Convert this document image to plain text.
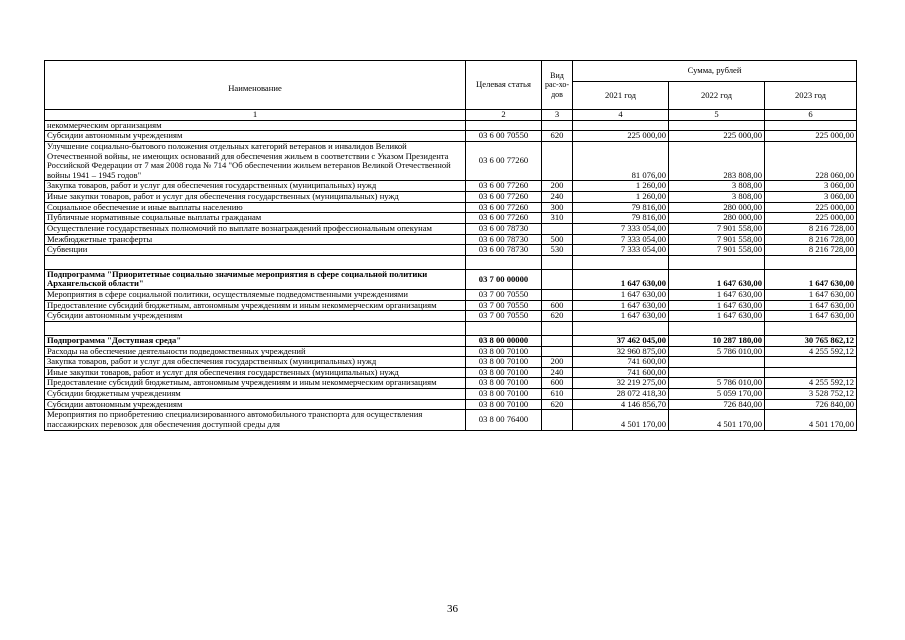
Наименование	Целевая статья	Вид рас-хо-дов	Сумма, рублей		
			2021 год	2022 год	2023 год
1	2	3	4	5	6
некоммерческим организациям					
Субсидии автономным учреждениям	03 6 00 70550	620	225 000,00	225 000,00	225 000,00
Улучшение социально-бытового положения отдельных категорий ветеранов и инвалидов Великой Отечественной войны, не имеющих оснований для обеспечения жильем в соответствии с Указом Президента Российской Федерации от 7 мая 2008 года № 714 "Об обеспечении жильем ветеранов Великой Отечественной войны 1941 – 1945 годов"	03 6 00 77260		81 076,00	283 808,00	228 060,00
Закупка товаров, работ и услуг для обеспечения государственных (муниципальных) нужд	03 6 00 77260	200	1 260,00	3 808,00	3 060,00
Иные закупки товаров, работ и услуг для обеспечения государственных (муниципальных) нужд	03 6 00 77260	240	1 260,00	3 808,00	3 060,00
Социальное обеспечение и иные выплаты населению	03 6 00 77260	300	79 816,00	280 000,00	225 000,00
Публичные нормативные социальные выплаты гражданам	03 6 00 77260	310	79 816,00	280 000,00	225 000,00
Осуществление государственных полномочий по выплате вознаграждений профессиональным опекунам	03 6 00 78730		7 333 054,00	7 901 558,00	8 216 728,00
Межбюджетные трансферты	03 6 00 78730	500	7 333 054,00	7 901 558,00	8 216 728,00
Субвенции	03 6 00 78730	530	7 333 054,00	7 901 558,00	8 216 728,00

Подпрограмма "Приоритетные социально значимые мероприятия в сфере социальной политики Архангельской области"	03 7 00 00000		1 647 630,00	1 647 630,00	1 647 630,00
Мероприятия в сфере социальной политики, осуществляемые подведомственными учреждениями	03 7 00 70550		1 647 630,00	1 647 630,00	1 647 630,00
Предоставление субсидий бюджетным, автономным учреждениям и иным некоммерческим организациям	03 7 00 70550	600	1 647 630,00	1 647 630,00	1 647 630,00
Субсидии автономным учреждениям	03 7 00 70550	620	1 647 630,00	1 647 630,00	1 647 630,00

Подпрограмма "Доступная среда"	03 8 00 00000		37 462 045,00	10 287 180,00	30 765 862,12
Расходы на обеспечение деятельности подведомственных учреждений	03 8 00 70100		32 960 875,00	5 786 010,00	4 255 592,12
Закупка товаров, работ и услуг для обеспечения государственных (муниципальных) нужд	03 8 00 70100	200	741 600,00		
Иные закупки товаров, работ и услуг для обеспечения государственных (муниципальных) нужд	03 8 00 70100	240	741 600,00		
Предоставление субсидий бюджетным, автономным учреждениям и иным некоммерческим организациям	03 8 00 70100	600	32 219 275,00	5 786 010,00	4 255 592,12
Субсидии бюджетным учреждениям	03 8 00 70100	610	28 072 418,30	5 059 170,00	3 528 752,12
Субсидии автономным учреждениям	03 8 00 70100	620	4 146 856,70	726 840,00	726 840,00
Мероприятия по приобретению специализированного автомобильного транспорта для осуществления пассажирских перевозок для обеспечения доступной среды для	03 8 00 76400		4 501 170,00	4 501 170,00	4 501 170,00
36
